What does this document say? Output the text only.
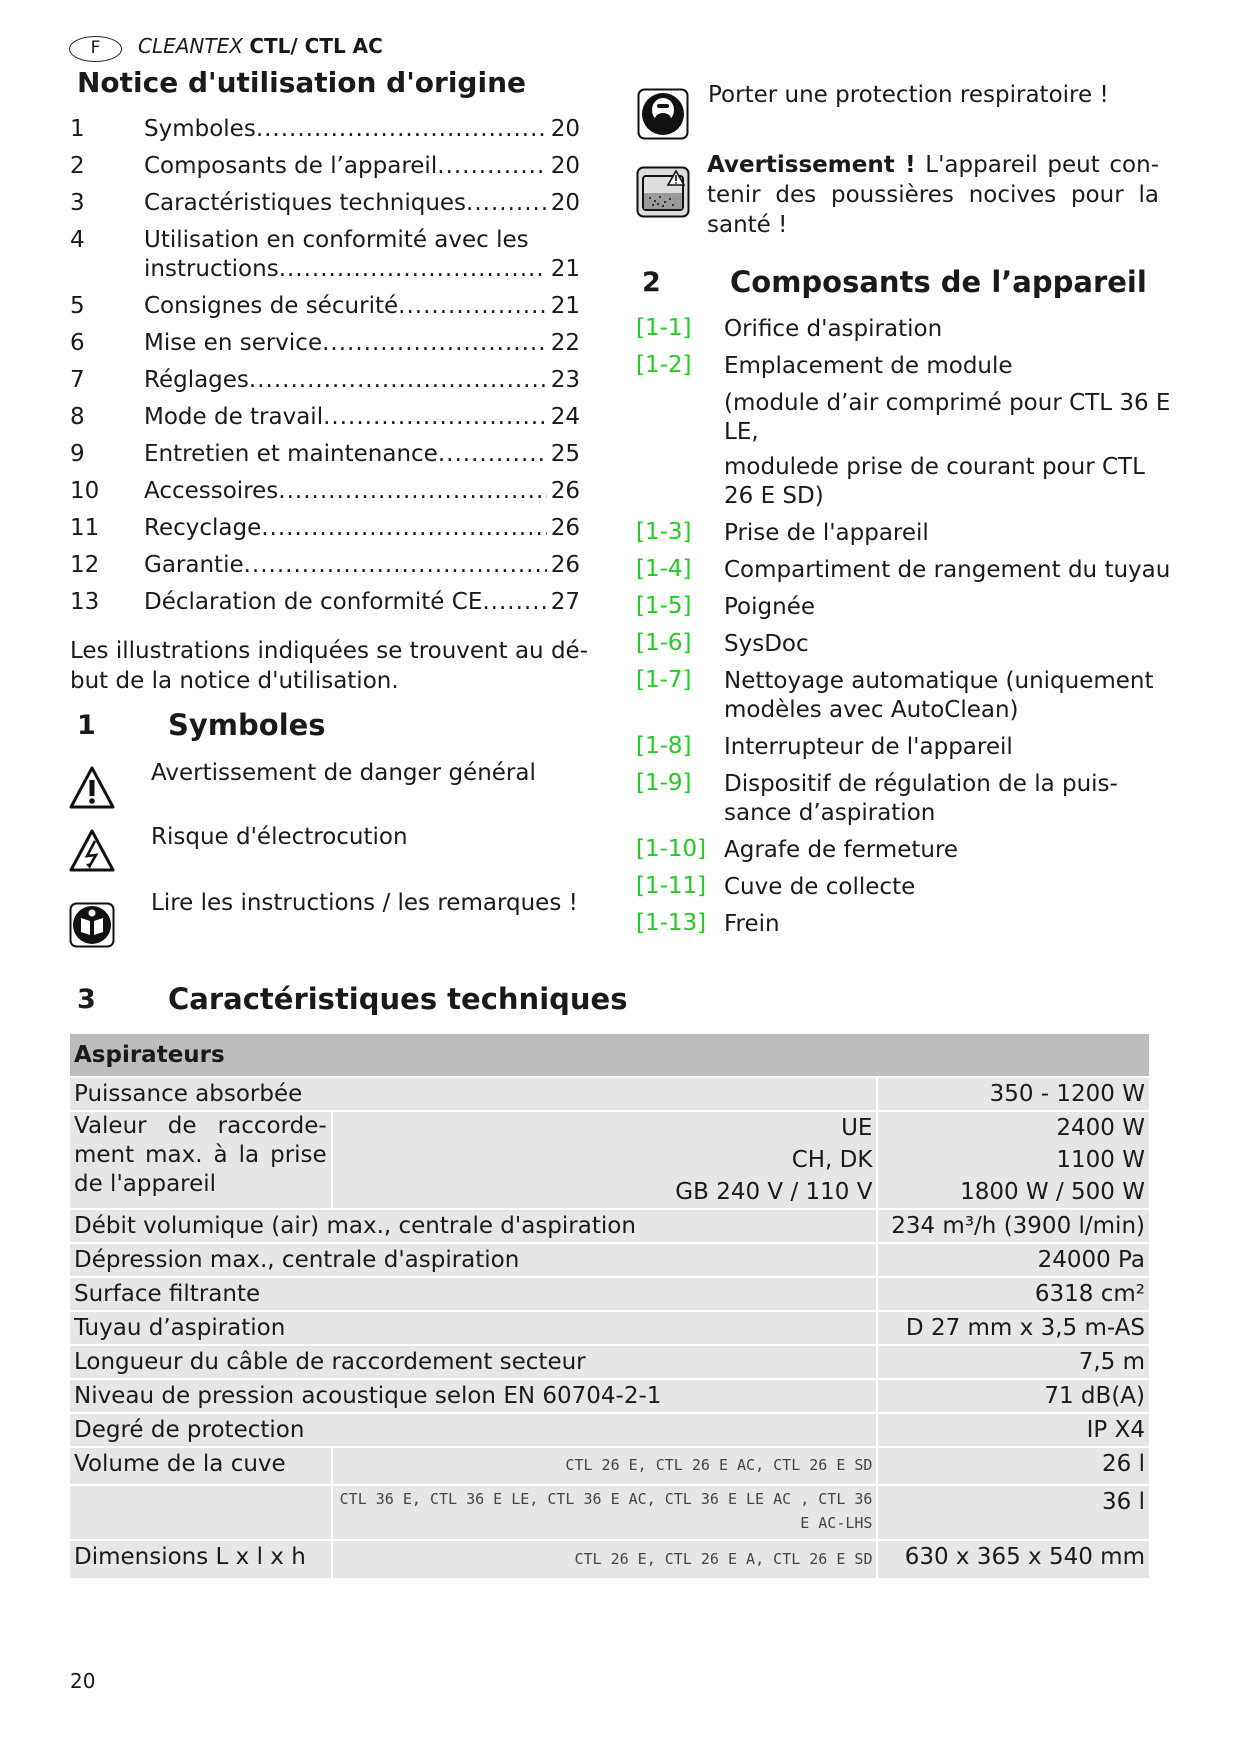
F	CLEANTEX CTL/ CTL AC
Notice d'utilisation d'origine
1	Symboles .....	20
2	Composants de l’appareil .....	20
3	Caractéristiques techniques .....	20
4	Utilisation en conformité avec les
instructions .....	21
5	Consignes de sécurité .....	21
6	Mise en service .....	22
7	Réglages .....	23
8	Mode de travail .....	24
9	Entretien et maintenance .....	25
10 Accessoires .....	26
11 Recyclage .....	26
12 Garantie .....	26
13 Déclaration de conformité CE .....	27
Les illustrations indiquées se trouvent au dé-but de la notice d'utilisation.
1 Symboles
Avertissement de danger général
Risque d'électrocution
Lire les instructions / les remarques !
Porter une protection respiratoire !
Avertissement ! L'appareil peut con-tenir des poussières nocives pour la santé !
2 Composants de l’appareil
[1-1] Orifice d'aspiration
[1-2] Emplacement de module
(module d’air comprimé pour CTL 36 E LE,
modulede prise de courant pour CTL 26 E SD)
[1-3] Prise de l'appareil
[1-4] Compartiment de rangement du tuyau
[1-5] Poignée
[1-6] SysDoc
[1-7] Nettoyage automatique (uniquement modèles avec AutoClean)
[1-8] Interrupteur de l'appareil
[1-9] Dispositif de régulation de la puis-sance d’aspiration
[1-10] Agrafe de fermeture
[1-11] Cuve de collecte
[1-13] Frein
3 Caractéristiques techniques
Aspirateurs		
Puissance absorbée		350 - 1200 W
Valeur de raccorde-ment max. à la prise de l'appareil	UE	2400 W
	CH, DK	1100 W
	GB 240 V / 110 V	1800 W / 500 W
Débit volumique (air) max., centrale d'aspiration		234 m³/h (3900 l/min)
Dépression max., centrale d'aspiration		24000 Pa
Surface filtrante		6318 cm²
Tuyau d’aspiration		D 27 mm x 3,5 m-AS
Longueur du câble de raccordement secteur		7,5 m
Niveau de pression acoustique selon EN 60704-2-1		71 dB(A)
Degré de protection		IP X4
Volume de la cuve	CTL 26 E, CTL 26 E AC, CTL 26 E SD	26 l
	CTL 36 E, CTL 36 E LE, CTL 36 E AC, CTL 36 E LE AC , CTL 36 E AC-LHS	36 l
Dimensions L x l x h	CTL 26 E, CTL 26 E A, CTL 26 E SD	630 x 365 x 540 mm
20
